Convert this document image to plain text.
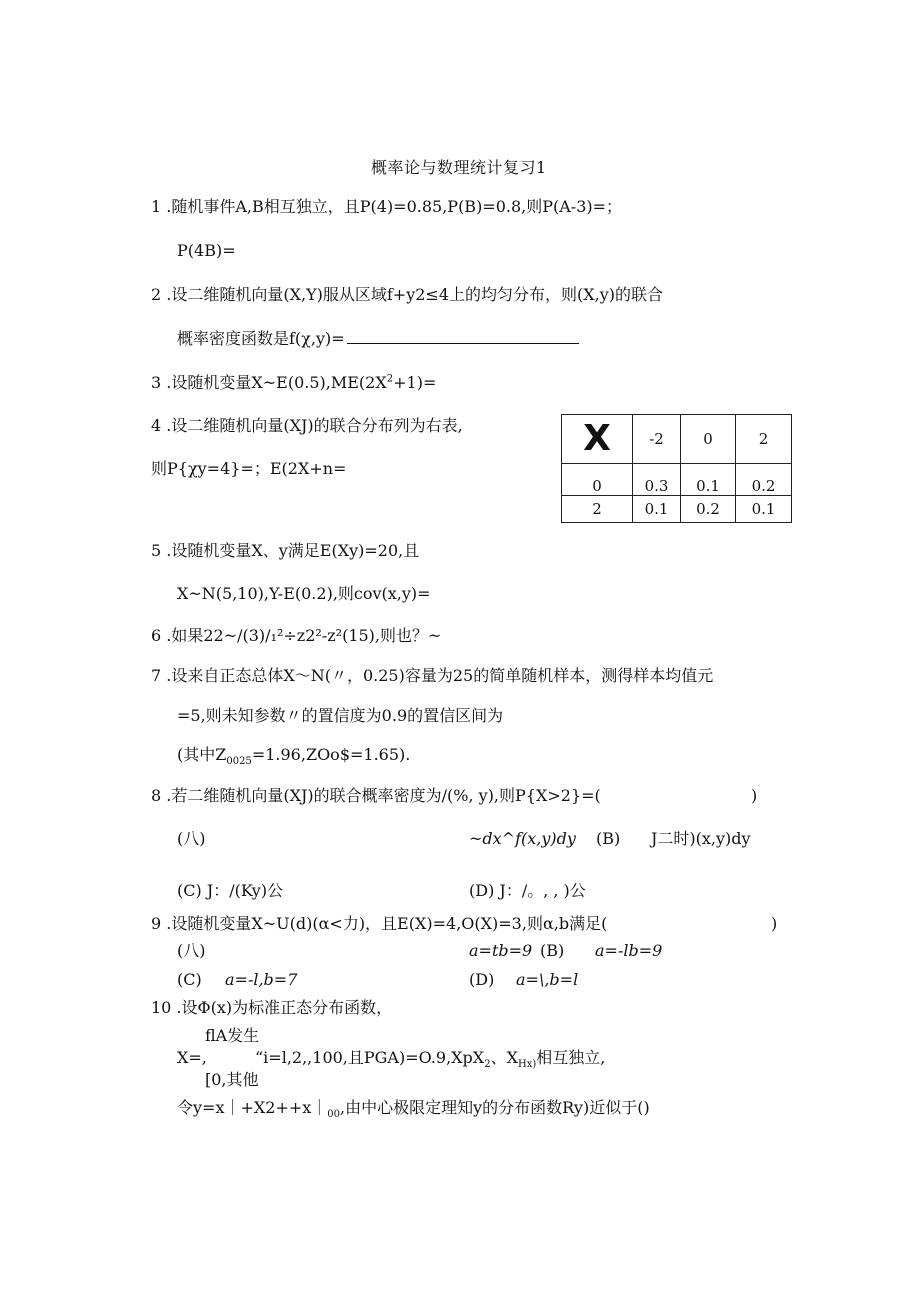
概率论与数理统计复习1
1 .随机事件A,B相互独立，且P(4)=0.85,P(B)=0.8,则P(A-3)=；
P(4B)=
2 .设二维随机向量(X,Y)服从区域f+y2≤4上的均匀分布，则(X,y)的联合
概率密度函数是f(χ,y)=
3 .设随机变量$X\sim E(0.5),ME(2X^2+1)=$
4 .设二维随机向量(XJ)的联合分布列为右表,
则P{χy=4}=；E(2X+n=
X	-2	0	2
0	0.3	0.1	0.2
2	0.1	0.2	0.1
5 .设随机变量X、y满足E(Xy)=20,且
X~N(5,10),Y-E(0.2),则cov(x,y)=
6 .如果22~/(3)/₁²÷z2²-z²(15),则也？~
7 .设来自正态总体X～N(〃，0.25)容量为25的简单随机样本，测得样本均值元
=5,则未知参数〃的置信度为0.9的置信区间为
(其中$Z_{0025}=1.96,ZOo\$=1.65$).
8 .若二维随机向量(XJ)的联合概率密度为/(%, y),则P{X>2}=(	)
(八)	~dx^f(x,y)dy (B) J二时)(x,y)dy
(C) J：/(Ky)公	(D) J：/。, , )公
9 .设随机变量X~U(d)(α<力)，且E(X)=4,O(X)=3,则α,b满足(	)
(八)	a=tb=9 (B) a=-lb=9
(C) a=-l,b=7	(D) a=\,b=l
10 .设Φ(x)为标准正态分布函数，
flA发生
X=,	“i=l,2,,100,且PGA)=O.9,XpX$_2$、$X_{Hx)}$相互独立,
[0,其他
令$y=x|+X2++x|_{00}$,由中心极限定理知y的分布函数Ry)近似于()
